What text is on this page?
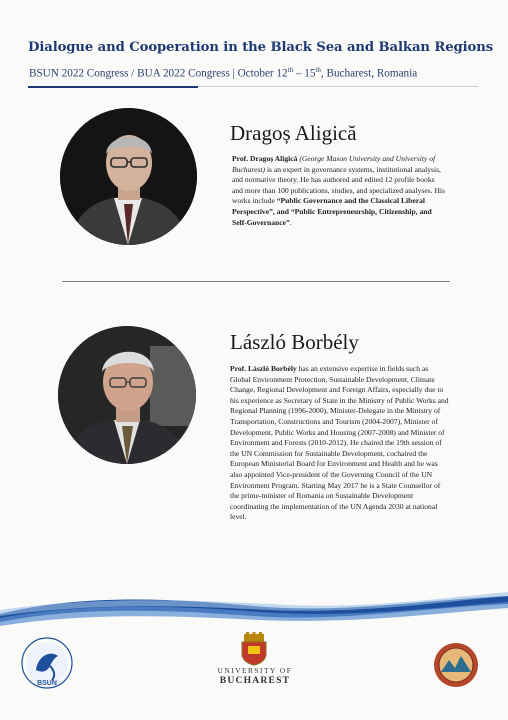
Dialogue and Cooperation in the Black Sea and Balkan Regions
BSUN 2022 Congress / BUA 2022 Congress | October 12th – 15th, Bucharest, Romania
Dragoș Aligică
Prof. Dragoș Aligică (George Mason University and University of Bucharest) is an expert in governance systems, institutional analysis, and normative theory. He has authored and edited 12 profile books and more than 100 publications, studies, and specialized analyses. His works include “Public Governance and the Classical Liberal Perspective”, and “Public Entrepreneurship, Citizenship, and Self-Governance”.
László Borbély
Prof. László Borbély has an extensive expertise in fields such as Global Environment Protection, Sustainable Development, Climate Change, Regional Development and Foreign Affairs, especially due to his experience as Secretary of State in the Ministry of Public Works and Regional Planning (1996-2000), Minister-Delegate in the Ministry of Transportation, Constructions and Tourism (2004-2007), Minister of Development, Public Works and Housing (2007-2008) and Minister of Environment and Forests (2010-2012). He chaired the 19th session of the UN Commission for Sustainable Development, cochaired the European Ministerial Board for Environment and Health and he was also appointed Vice-president of the Governing Council of the UN Environment Program. Starting May 2017 he is a State Counsellor of the prime-minister of Romania on Sustainable Development coordinating the implementation of the UN Agenda 2030 at national level.
BSUN
UNIVERSITY OF
BUCHAREST
